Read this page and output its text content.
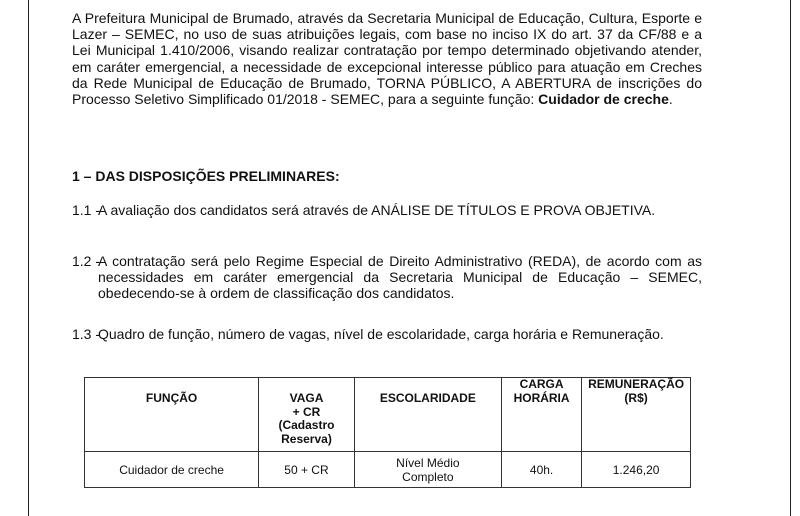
A Prefeitura Municipal de Brumado, através da Secretaria Municipal de Educação, Cultura, Esporte e Lazer – SEMEC, no uso de suas atribuições legais, com base no inciso IX do art. 37 da CF/88 e a Lei Municipal 1.410/2006, visando realizar contratação por tempo determinado objetivando atender, em caráter emergencial, a necessidade de excepcional interesse público para atuação em Creches da Rede Municipal de Educação de Brumado, TORNA PÚBLICO, A ABERTURA de inscrições do Processo Seletivo Simplificado 01/2018 - SEMEC, para a seguinte função: Cuidador de creche.

1 – DAS DISPOSIÇÕES PRELIMINARES:

1.1 -
A avaliação dos candidatos será através de ANÁLISE DE TÍTULOS E PROVA OBJETIVA.
1.2 -
A contratação será pelo Regime Especial de Direito Administrativo (REDA), de acordo com as necessidades em caráter emergencial da Secretaria Municipal de Educação – SEMEC, obedecendo-se à ordem de classificação dos candidatos.
1.3 -
Quadro de função, número de vagas, nível de escolaridade, carga horária e Remuneração.
FUNÇÃO	VAGA
+ CR
(Cadastro
Reserva)	ESCOLARIDADE	CARGA
HORÁRIA	REMUNERAÇÃO
(R$)

Cuidador de creche	50 + CR	Nível Médio
Completo	40h.	1.246,20
